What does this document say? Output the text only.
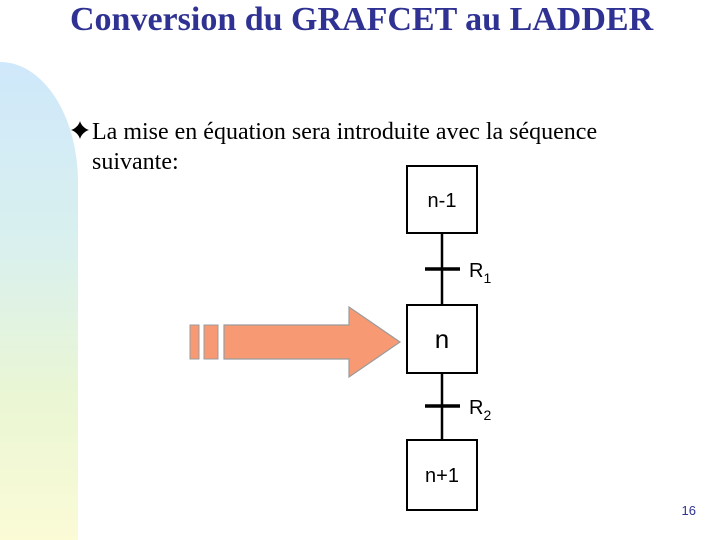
Conversion du GRAFCET au LADDER
La mise en équation sera introduite avec la séquence
suivante:
n-1
n
n+1
$R_1$
$R_2$
16
